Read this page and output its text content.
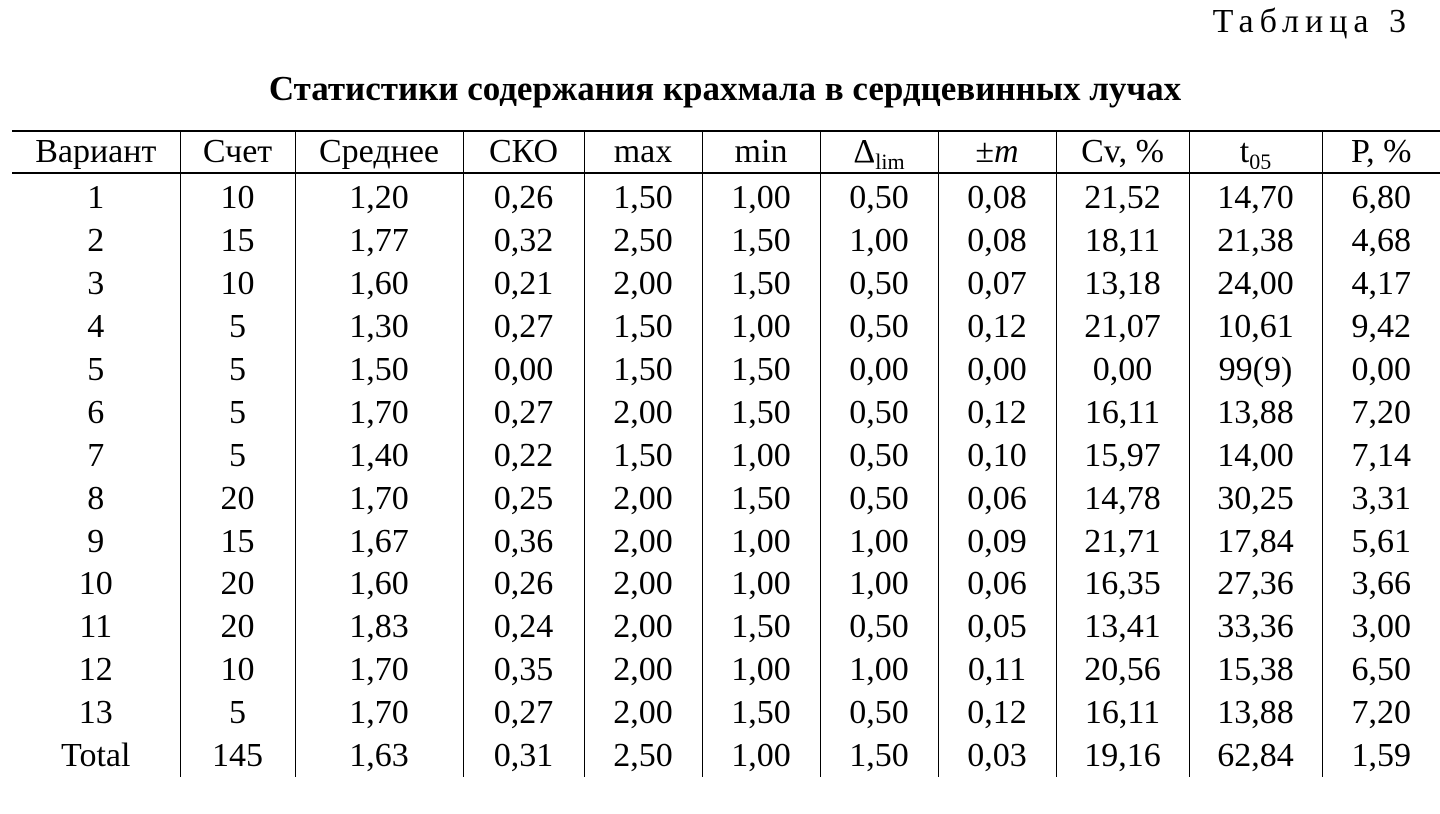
Таблица 3
Статистики содержания крахмала в сердцевинных лучах
Вариант	Счет	Среднее	СКО	max	min	$\Delta_{lim}$	±m	Cv, %	$t_{05}$	P, %
1	10	1,20	0,26	1,50	1,00	0,50	0,08	21,52	14,70	6,80
2	15	1,77	0,32	2,50	1,50	1,00	0,08	18,11	21,38	4,68
3	10	1,60	0,21	2,00	1,50	0,50	0,07	13,18	24,00	4,17
4	5	1,30	0,27	1,50	1,00	0,50	0,12	21,07	10,61	9,42
5	5	1,50	0,00	1,50	1,50	0,00	0,00	0,00	99(9)	0,00
6	5	1,70	0,27	2,00	1,50	0,50	0,12	16,11	13,88	7,20
7	5	1,40	0,22	1,50	1,00	0,50	0,10	15,97	14,00	7,14
8	20	1,70	0,25	2,00	1,50	0,50	0,06	14,78	30,25	3,31
9	15	1,67	0,36	2,00	1,00	1,00	0,09	21,71	17,84	5,61
10	20	1,60	0,26	2,00	1,00	1,00	0,06	16,35	27,36	3,66
11	20	1,83	0,24	2,00	1,50	0,50	0,05	13,41	33,36	3,00
12	10	1,70	0,35	2,00	1,00	1,00	0,11	20,56	15,38	6,50
13	5	1,70	0,27	2,00	1,50	0,50	0,12	16,11	13,88	7,20
Total	145	1,63	0,31	2,50	1,00	1,50	0,03	19,16	62,84	1,59
